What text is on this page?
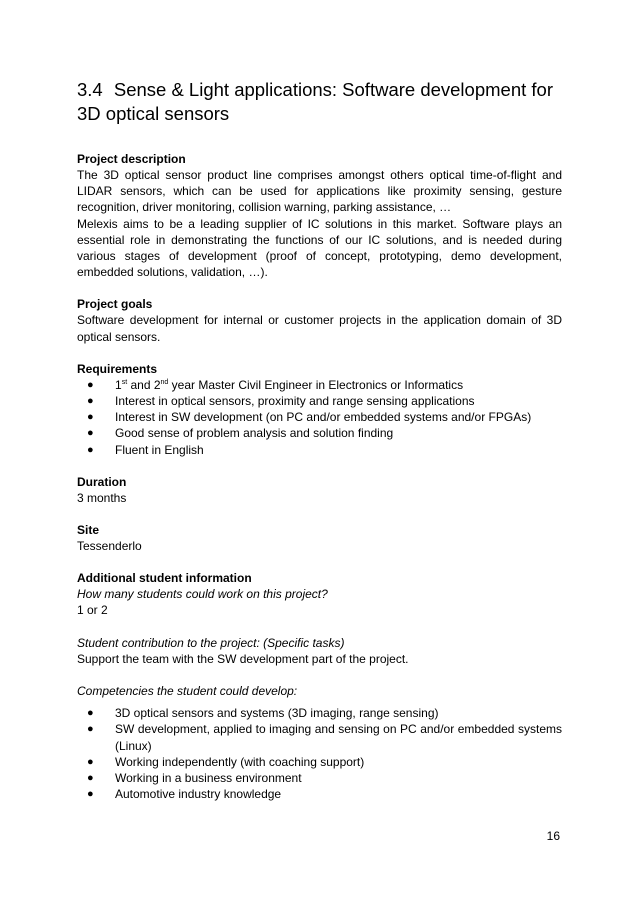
3.4 Sense & Light applications: Software development for 3D optical sensors
Project description
The 3D optical sensor product line comprises amongst others optical time-of-flight and LIDAR sensors, which can be used for applications like proximity sensing, gesture recognition, driver monitoring, collision warning, parking assistance, …
Melexis aims to be a leading supplier of IC solutions in this market. Software plays an essential role in demonstrating the functions of our IC solutions, and is needed during various stages of development (proof of concept, prototyping, demo development, embedded solutions, validation, …).
Project goals
Software development for internal or customer projects in the application domain of 3D optical sensors.
Requirements
● 1st and 2nd year Master Civil Engineer in Electronics or Informatics
● Interest in optical sensors, proximity and range sensing applications
● Interest in SW development (on PC and/or embedded systems and/or FPGAs)
● Good sense of problem analysis and solution finding
● Fluent in English
Duration
3 months
Site
Tessenderlo
Additional student information
How many students could work on this project?
1 or 2
Student contribution to the project: (Specific tasks)
Support the team with the SW development part of the project.
Competencies the student could develop:
● 3D optical sensors and systems (3D imaging, range sensing)
● SW development, applied to imaging and sensing on PC and/or embedded systems (Linux)
● Working independently (with coaching support)
● Working in a business environment
● Automotive industry knowledge
16
